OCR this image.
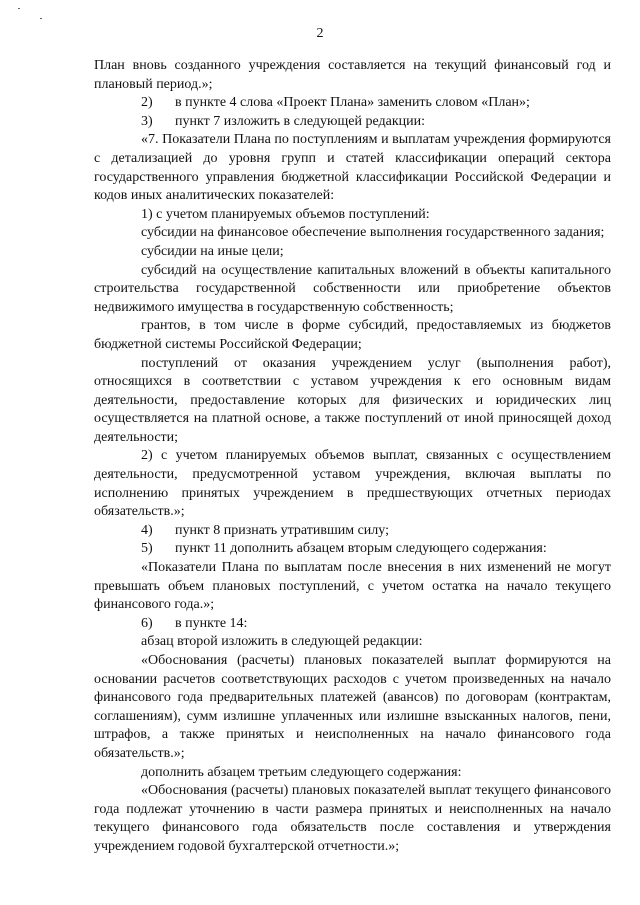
2

План вновь созданного учреждения составляется на текущий финансовый год и плановый период.»;

2) в пункте 4 слова «Проект Плана» заменить словом «План»;

3) пункт 7 изложить в следующей редакции:

«7. Показатели Плана по поступлениям и выплатам учреждения формируются с детализацией до уровня групп и статей классификации операций сектора государственного управления бюджетной классификации Российской Федерации и кодов иных аналитических показателей:

1) с учетом планируемых объемов поступлений:

субсидии на финансовое обеспечение выполнения государственного задания;

субсидии на иные цели;

субсидий на осуществление капитальных вложений в объекты капитального строительства государственной собственности или приобретение объектов недвижимого имущества в государственную собственность;

грантов, в том числе в форме субсидий, предоставляемых из бюджетов бюджетной системы Российской Федерации;

поступлений от оказания учреждением услуг (выполнения работ), относящихся в соответствии с уставом учреждения к его основным видам деятельности, предоставление которых для физических и юридических лиц осуществляется на платной основе, а также поступлений от иной приносящей доход деятельности;

2) с учетом планируемых объемов выплат, связанных с осуществлением деятельности, предусмотренной уставом учреждения, включая выплаты по исполнению принятых учреждением в предшествующих отчетных периодах обязательств.»;

4) пункт 8 признать утратившим силу;

5) пункт 11 дополнить абзацем вторым следующего содержания:

«Показатели Плана по выплатам после внесения в них изменений не могут превышать объем плановых поступлений, с учетом остатка на начало текущего финансового года.»;

6) в пункте 14:

абзац второй изложить в следующей редакции:

«Обоснования (расчеты) плановых показателей выплат формируются на основании расчетов соответствующих расходов с учетом произведенных на начало финансового года предварительных платежей (авансов) по договорам (контрактам, соглашениям), сумм излишне уплаченных или излишне взысканных налогов, пени, штрафов, а также принятых и неисполненных на начало финансового года обязательств.»;

дополнить абзацем третьим следующего содержания:

«Обоснования (расчеты) плановых показателей выплат текущего финансового года подлежат уточнению в части размера принятых и неисполненных на начало текущего финансового года обязательств после составления и утверждения учреждением годовой бухгалтерской отчетности.»;
